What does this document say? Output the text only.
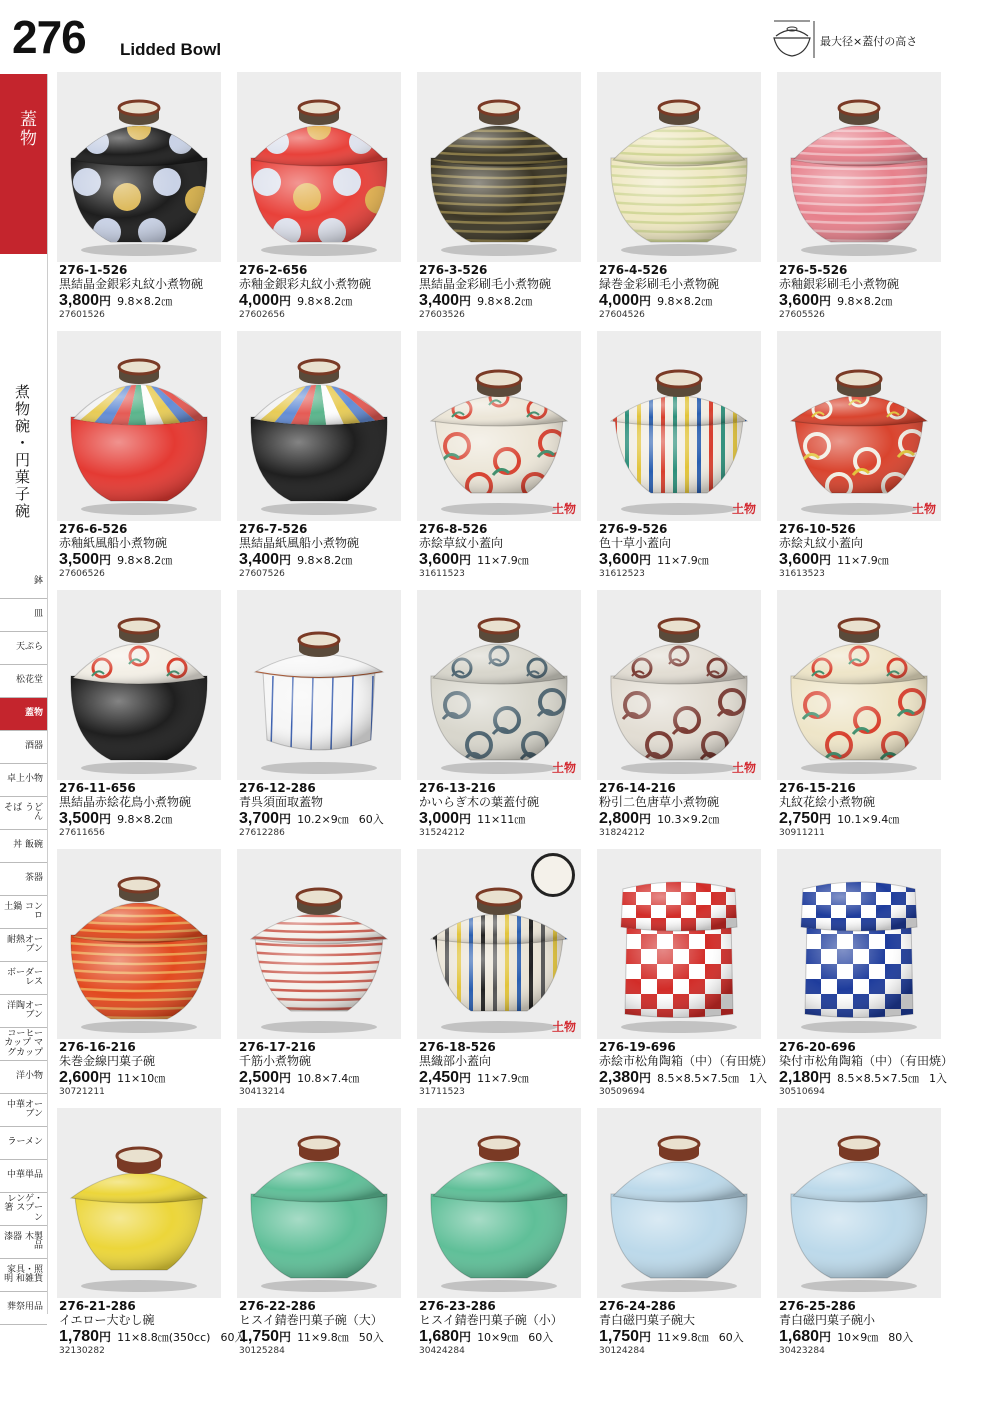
276 Lidded Bowl	最大径×蓋付の高さ
蓋物
煮物碗・円菓子碗
鉢
皿
天ぷら
松花堂
蓋物
酒器
卓上小物
そば うどん
丼 飯碗
茶器
土鍋 コンロ
耐熱オーブン
ボーダーレス
洋陶オーブン
コーヒーカップ マグカップ
洋小物
中華オーブン
ラーメン
中華単品
レンゲ・箸 スプーン
漆器 木製品
家具・照明 和雑貨
葬祭用品
276-1-526
黒結晶金銀彩丸紋小煮物碗
3,800円 9.8×8.2㎝
27601526
276-2-656
赤釉金銀彩丸紋小煮物碗
4,000円 9.8×8.2㎝
27602656
276-3-526
黒結晶金彩刷毛小煮物碗
3,400円 9.8×8.2㎝
27603526
276-4-526
緑巻金彩刷毛小煮物碗
4,000円 9.8×8.2㎝
27604526
276-5-526
赤釉銀彩刷毛小煮物碗
3,600円 9.8×8.2㎝
27605526
276-6-526
赤釉紙風船小煮物碗
3,500円 9.8×8.2㎝
27606526
276-7-526
黒結晶紙風船小煮物碗
3,400円 9.8×8.2㎝
27607526
土物
276-8-526
赤絵草紋小蓋向
3,600円 11×7.9㎝
31611523
土物
276-9-526
色十草小蓋向
3,600円 11×7.9㎝
31612523
土物
276-10-526
赤絵丸紋小蓋向
3,600円 11×7.9㎝
31613523
276-11-656
黒結晶赤絵花鳥小煮物碗
3,500円 9.8×8.2㎝
27611656
276-12-286
青呉須面取蓋物
3,700円 10.2×9㎝ 60入
27612286
土物
276-13-216
かいらぎ木の葉蓋付碗
3,000円 11×11㎝
31524212
土物
276-14-216
粉引二色唐草小煮物碗
2,800円 10.3×9.2㎝
31824212
276-15-216
丸紋花絵小煮物碗
2,750円 10.1×9.4㎝
30911211
276-16-216
朱巻金線円菓子碗
2,600円 11×10㎝
30721211
276-17-216
千筋小煮物碗
2,500円 10.8×7.4㎝
30413214
土物
276-18-526
黒織部小蓋向
2,450円 11×7.9㎝
31711523
276-19-696
赤絵市松角陶箱（中）（有田焼）
2,380円 8.5×8.5×7.5㎝ 1入
30509694
276-20-696
染付市松角陶箱（中）（有田焼）
2,180円 8.5×8.5×7.5㎝ 1入
30510694
276-21-286
イエロー大むし碗
1,780円 11×8.8㎝(350cc) 60入
32130282
276-22-286
ヒスイ錆巻円菓子碗（大）
1,750円 11×9.8㎝ 50入
30125284
276-23-286
ヒスイ錆巻円菓子碗（小）
1,680円 10×9㎝ 60入
30424284
276-24-286
青白磁円菓子碗大
1,750円 11×9.8㎝ 60入
30124284
276-25-286
青白磁円菓子碗小
1,680円 10×9㎝ 80入
30423284
